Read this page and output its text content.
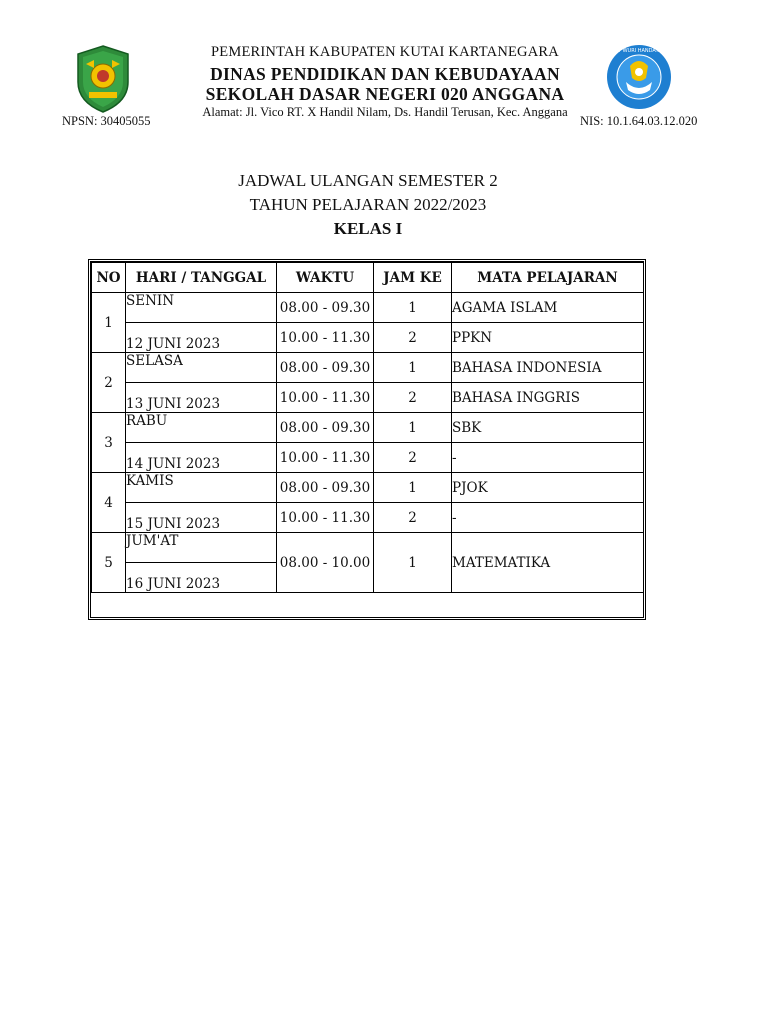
TUT WURI HANDAYANI
NPSN: 30405055	NIS: 10.1.64.03.12.020
PEMERINTAH KABUPATEN KUTAI KARTANEGARA
DINAS PENDIDIKAN DAN KEBUDAYAAN
SEKOLAH DASAR NEGERI 020 ANGGANA
Alamat: Jl. Vico RT. X Handil Nilam, Ds. Handil Terusan, Kec. Anggana
JADWAL ULANGAN SEMESTER 2
TAHUN PELAJARAN 2022/2023
KELAS I
NO	HARI / TANGGAL	WAKTU	JAM KE	MATA PELAJARAN
1	SENIN	08.00 - 09.30	1	AGAMA ISLAM
	12 JUNI 2023	10.00 - 11.30	2	PPKN
2	SELASA	08.00 - 09.30	1	BAHASA INDONESIA
	13 JUNI 2023	10.00 - 11.30	2	BAHASA INGGRIS
3	RABU	08.00 - 09.30	1	SBK
	14 JUNI 2023	10.00 - 11.30	2	-
4	KAMIS	08.00 - 09.30	1	PJOK
	15 JUNI 2023	10.00 - 11.30	2	-
5	JUM'AT	08.00 - 10.00	1	MATEMATIKA
	16 JUNI 2023			
